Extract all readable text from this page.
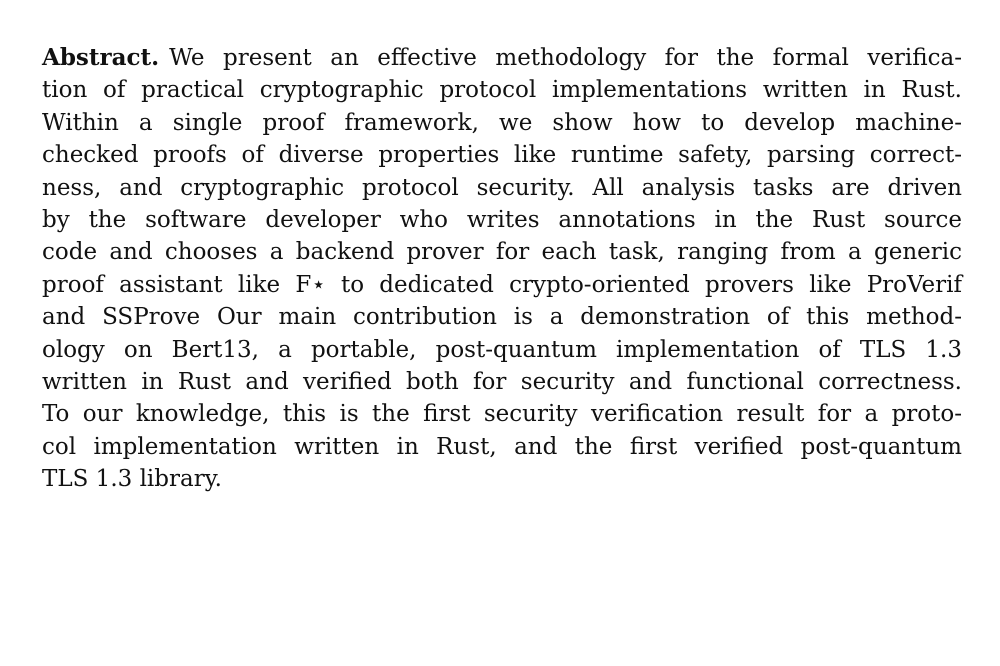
Abstract. We present an effective methodology for the formal verifica-
tion of practical cryptographic protocol implementations written in Rust.
Within a single proof framework, we show how to develop machine-
checked proofs of diverse properties like runtime safety, parsing correct-
ness, and cryptographic protocol security. All analysis tasks are driven
by the software developer who writes annotations in the Rust source
code and chooses a backend prover for each task, ranging from a generic
proof assistant like F⋆ to dedicated crypto-oriented provers like ProVerif
and SSProve Our main contribution is a demonstration of this method-
ology on Bert13, a portable, post-quantum implementation of TLS 1.3
written in Rust and verified both for security and functional correctness.
To our knowledge, this is the first security verification result for a proto-
col implementation written in Rust, and the first verified post-quantum
TLS 1.3 library.
